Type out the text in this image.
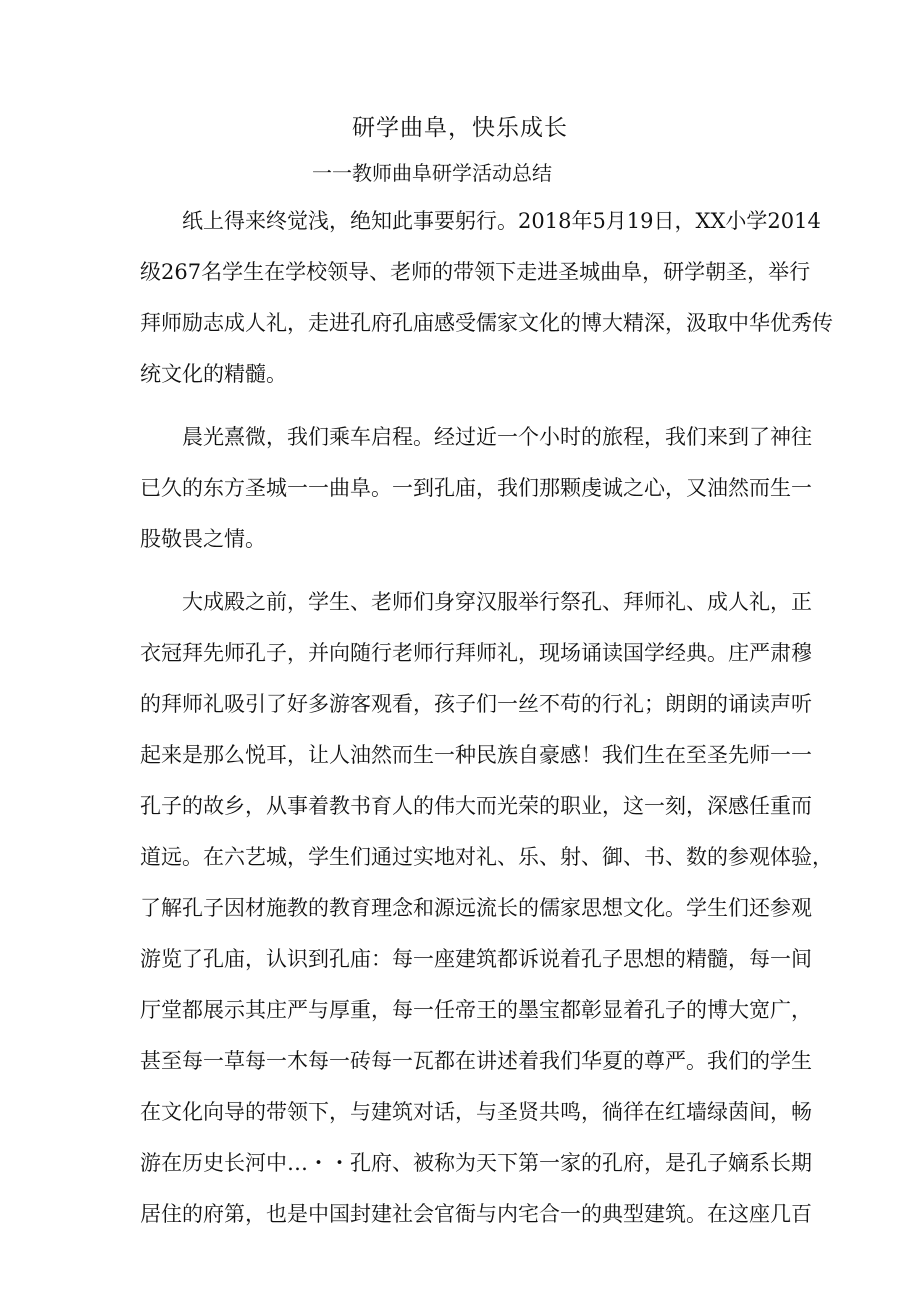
研学曲阜，快乐成长
一一教师曲阜研学活动总结

纸上得来终觉浅，绝知此事要躬行。2018年5月19日，XX小学2014
级267名学生在学校领导、老师的带领下走进圣城曲阜，研学朝圣，举行
拜师励志成人礼，走进孔府孔庙感受儒家文化的博大精深，汲取中华优秀传
统文化的精髓。

晨光熹微，我们乘车启程。经过近一个小时的旅程，我们来到了神往
已久的东方圣城一一曲阜。一到孔庙，我们那颗虔诚之心，又油然而生一
股敬畏之情。

大成殿之前，学生、老师们身穿汉服举行祭孔、拜师礼、成人礼，正
衣冠拜先师孔子，并向随行老师行拜师礼，现场诵读国学经典。庄严肃穆
的拜师礼吸引了好多游客观看，孩子们一丝不苟的行礼；朗朗的诵读声听
起来是那么悦耳，让人油然而生一种民族自豪感！我们生在至圣先师一一
孔子的故乡，从事着教书育人的伟大而光荣的职业，这一刻，深感任重而
道远。在六艺城，学生们通过实地对礼、乐、射、御、书、数的参观体验，
了解孔子因材施教的教育理念和源远流长的儒家思想文化。学生们还参观
游览了孔庙，认识到孔庙：每一座建筑都诉说着孔子思想的精髓，每一间
厅堂都展示其庄严与厚重，每一任帝王的墨宝都彰显着孔子的博大宽广，
甚至每一草每一木每一砖每一瓦都在讲述着我们华夏的尊严。我们的学生
在文化向导的带领下，与建筑对话，与圣贤共鸣，徜徉在红墙绿茵间，畅
游在历史长河中…・・孔府、被称为天下第一家的孔府，是孔子嫡系长期
居住的府第，也是中国封建社会官衙与内宅合一的典型建筑。在这座几百
